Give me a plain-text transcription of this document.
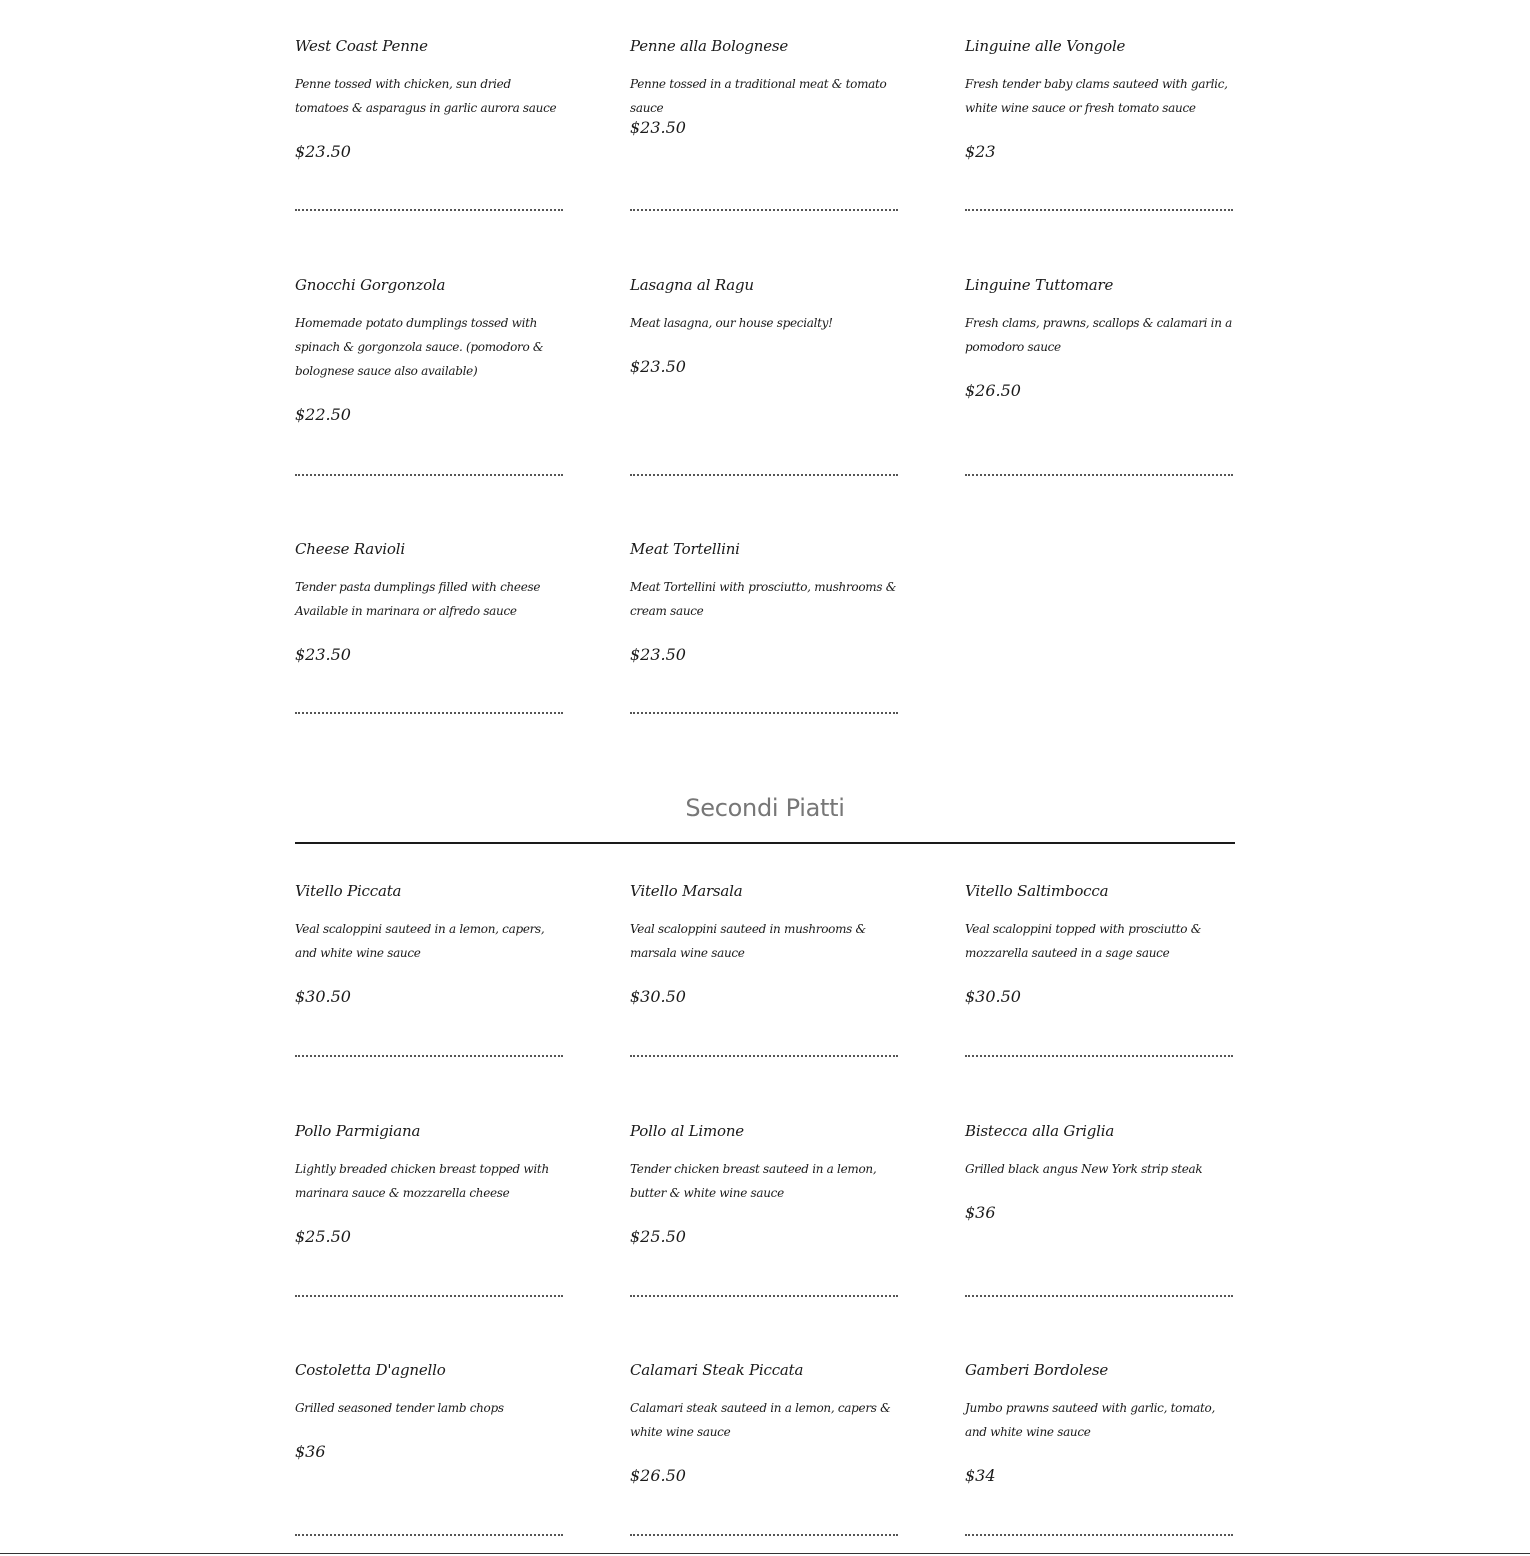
West Coast Penne
Penne tossed with chicken, sun dried tomatoes & asparagus in garlic aurora sauce
$23.50
Penne alla Bolognese
Penne tossed in a traditional meat & tomato sauce
$23.50
Linguine alle Vongole
Fresh tender baby clams sauteed with garlic, white wine sauce or fresh tomato sauce
$23
Gnocchi Gorgonzola
Homemade potato dumplings tossed with spinach & gorgonzola sauce. (pomodoro & bolognese sauce also available)
$22.50
Lasagna al Ragu
Meat lasagna, our house specialty!
$23.50
Linguine Tuttomare
Fresh clams, prawns, scallops & calamari in a pomodoro sauce
$26.50
Cheese Ravioli
Tender pasta dumplings filled with cheese Available in marinara or alfredo sauce
$23.50
Meat Tortellini
Meat Tortellini with prosciutto, mushrooms & cream sauce
$23.50
Secondi Piatti
Vitello Piccata
Veal scaloppini sauteed in a lemon, capers, and white wine sauce
$30.50
Vitello Marsala
Veal scaloppini sauteed in mushrooms & marsala wine sauce
$30.50
Vitello Saltimbocca
Veal scaloppini topped with prosciutto & mozzarella sauteed in a sage sauce
$30.50
Pollo Parmigiana
Lightly breaded chicken breast topped with marinara sauce & mozzarella cheese
$25.50
Pollo al Limone
Tender chicken breast sauteed in a lemon, butter & white wine sauce
$25.50
Bistecca alla Griglia
Grilled black angus New York strip steak
$36
Costoletta D'agnello
Grilled seasoned tender lamb chops
$36
Calamari Steak Piccata
Calamari steak sauteed in a lemon, capers & white wine sauce
$26.50
Gamberi Bordolese
Jumbo prawns sauteed with garlic, tomato, and white wine sauce
$34
